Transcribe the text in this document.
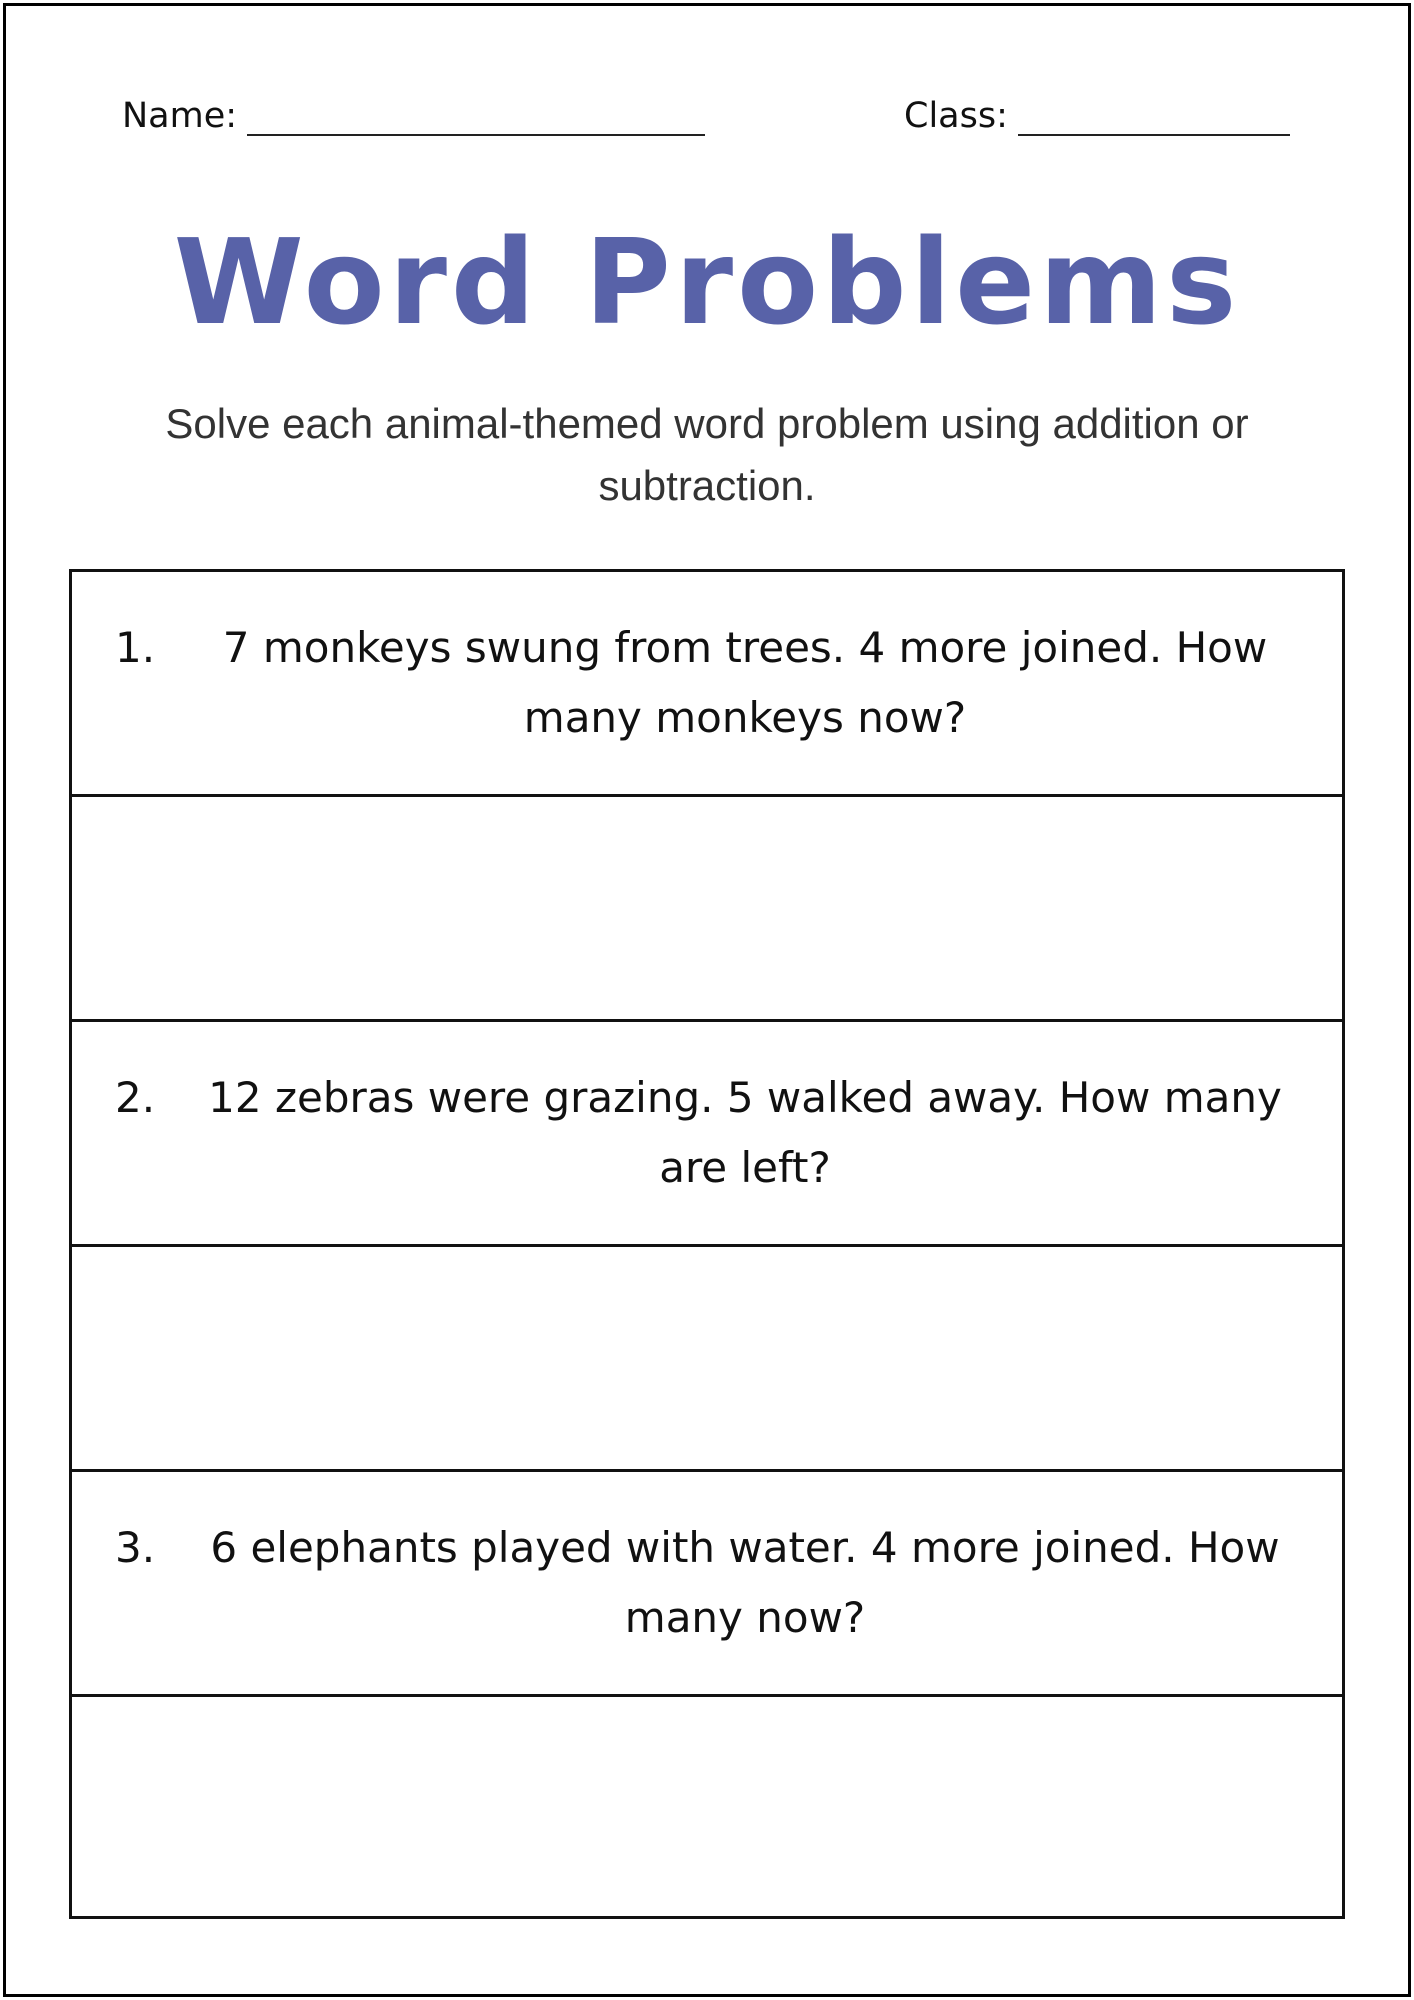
Name:	Class:
Word Problems
Solve each animal-themed word problem using addition or subtraction.
1.	7 monkeys swung from trees. 4 more joined. How many monkeys now?
2.	12 zebras were grazing. 5 walked away. How many are left?
3.	6 elephants played with water. 4 more joined. How many now?
